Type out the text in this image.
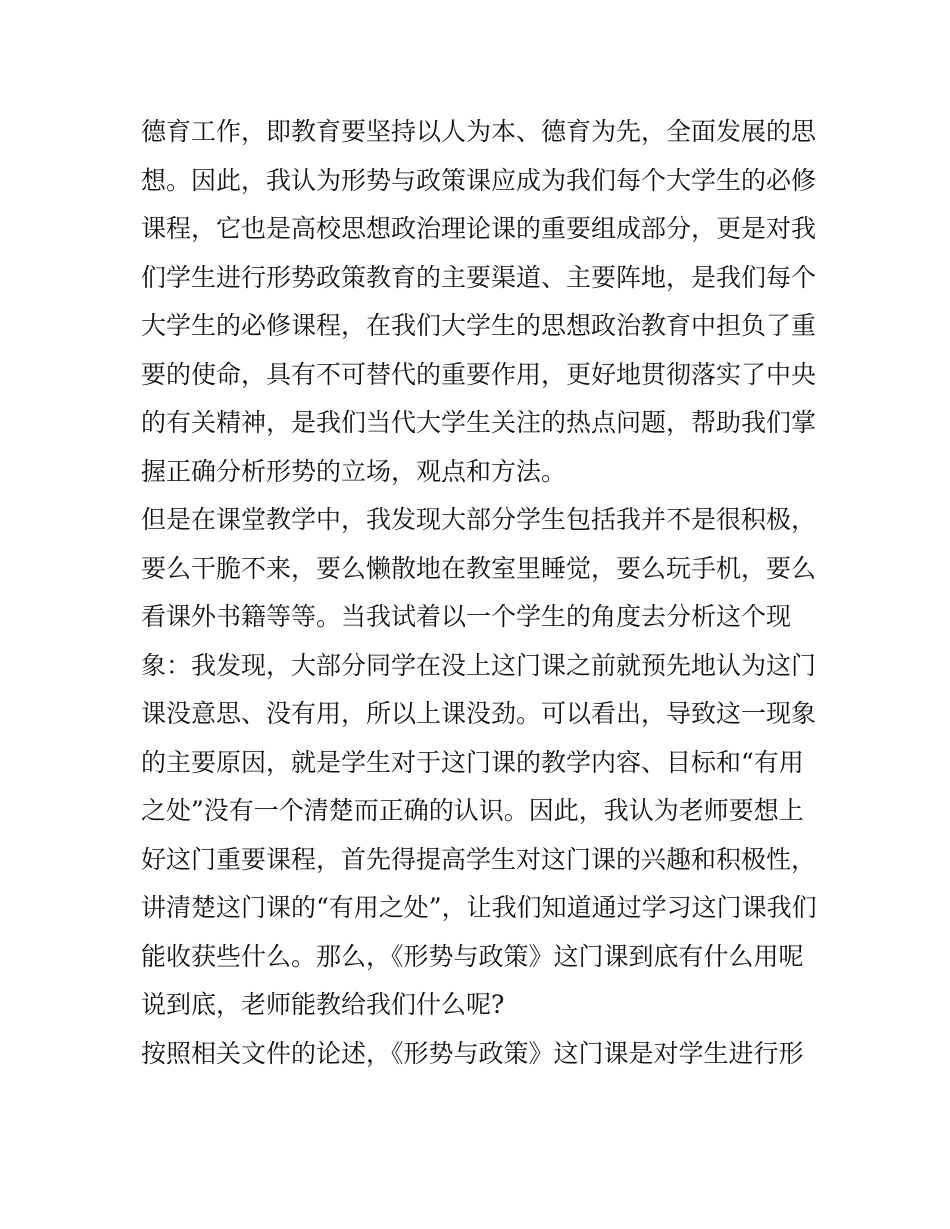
德育工作，即教育要坚持以人为本、德育为先，全面发展的思
想。因此，我认为形势与政策课应成为我们每个大学生的必修
课程，它也是高校思想政治理论课的重要组成部分，更是对我
们学生进行形势政策教育的主要渠道、主要阵地，是我们每个
大学生的必修课程，在我们大学生的思想政治教育中担负了重
要的使命，具有不可替代的重要作用，更好地贯彻落实了中央
的有关精神，是我们当代大学生关注的热点问题，帮助我们掌
握正确分析形势的立场，观点和方法。
但是在课堂教学中，我发现大部分学生包括我并不是很积极，
要么干脆不来，要么懒散地在教室里睡觉，要么玩手机，要么
看课外书籍等等。当我试着以一个学生的角度去分析这个现
象：我发现，大部分同学在没上这门课之前就预先地认为这门
课没意思、没有用，所以上课没劲。可以看出，导致这一现象
的主要原因，就是学生对于这门课的教学内容、目标和“有用
之处”没有一个清楚而正确的认识。因此，我认为老师要想上
好这门重要课程，首先得提高学生对这门课的兴趣和积极性，
讲清楚这门课的“有用之处”，让我们知道通过学习这门课我们
能收获些什么。那么，《形势与政策》这门课到底有什么用呢
说到底，老师能教给我们什么呢?
按照相关文件的论述，《形势与政策》这门课是对学生进行形
